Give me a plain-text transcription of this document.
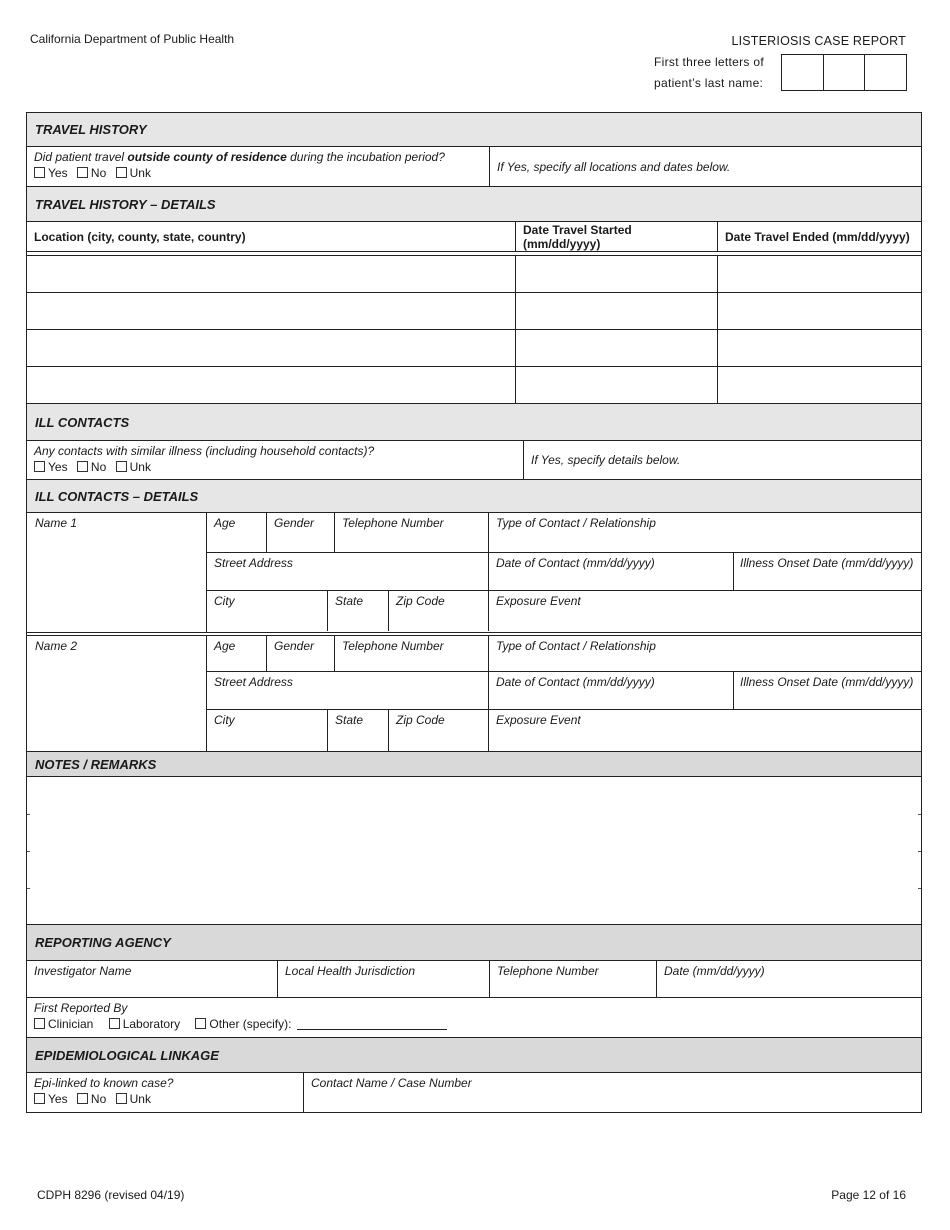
California Department of Public Health	LISTERIOSIS CASE REPORT
First three letters of
patient’s last name:
TRAVEL HISTORY
Did patient travel outside county of residence during the incubation period?
Yes No Unk	If Yes, specify all locations and dates below.
TRAVEL HISTORY – DETAILS
Location (city, county, state, country)	Date Travel Started (mm/dd/yyyy)	Date Travel Ended (mm/dd/yyyy)
ILL CONTACTS
Any contacts with similar illness (including household contacts)?
Yes No Unk	If Yes, specify details below.
ILL CONTACTS – DETAILS
Name 1	Age	Gender	Telephone Number	Type of Contact / Relationship
Street Address	Date of Contact (mm/dd/yyyy)	Illness Onset Date (mm/dd/yyyy)
City	State	Zip Code	Exposure Event
Name 2	Age	Gender	Telephone Number	Type of Contact / Relationship
Street Address	Date of Contact (mm/dd/yyyy)	Illness Onset Date (mm/dd/yyyy)
City	State	Zip Code	Exposure Event
NOTES / REMARKS
REPORTING AGENCY
Investigator Name	Local Health Jurisdiction	Telephone Number	Date (mm/dd/yyyy)
First Reported By
Clinician Laboratory Other (specify):
EPIDEMIOLOGICAL LINKAGE
Epi-linked to known case?
Yes No Unk
Contact Name / Case Number
CDPH 8296 (revised 04/19)	Page 12 of 16
